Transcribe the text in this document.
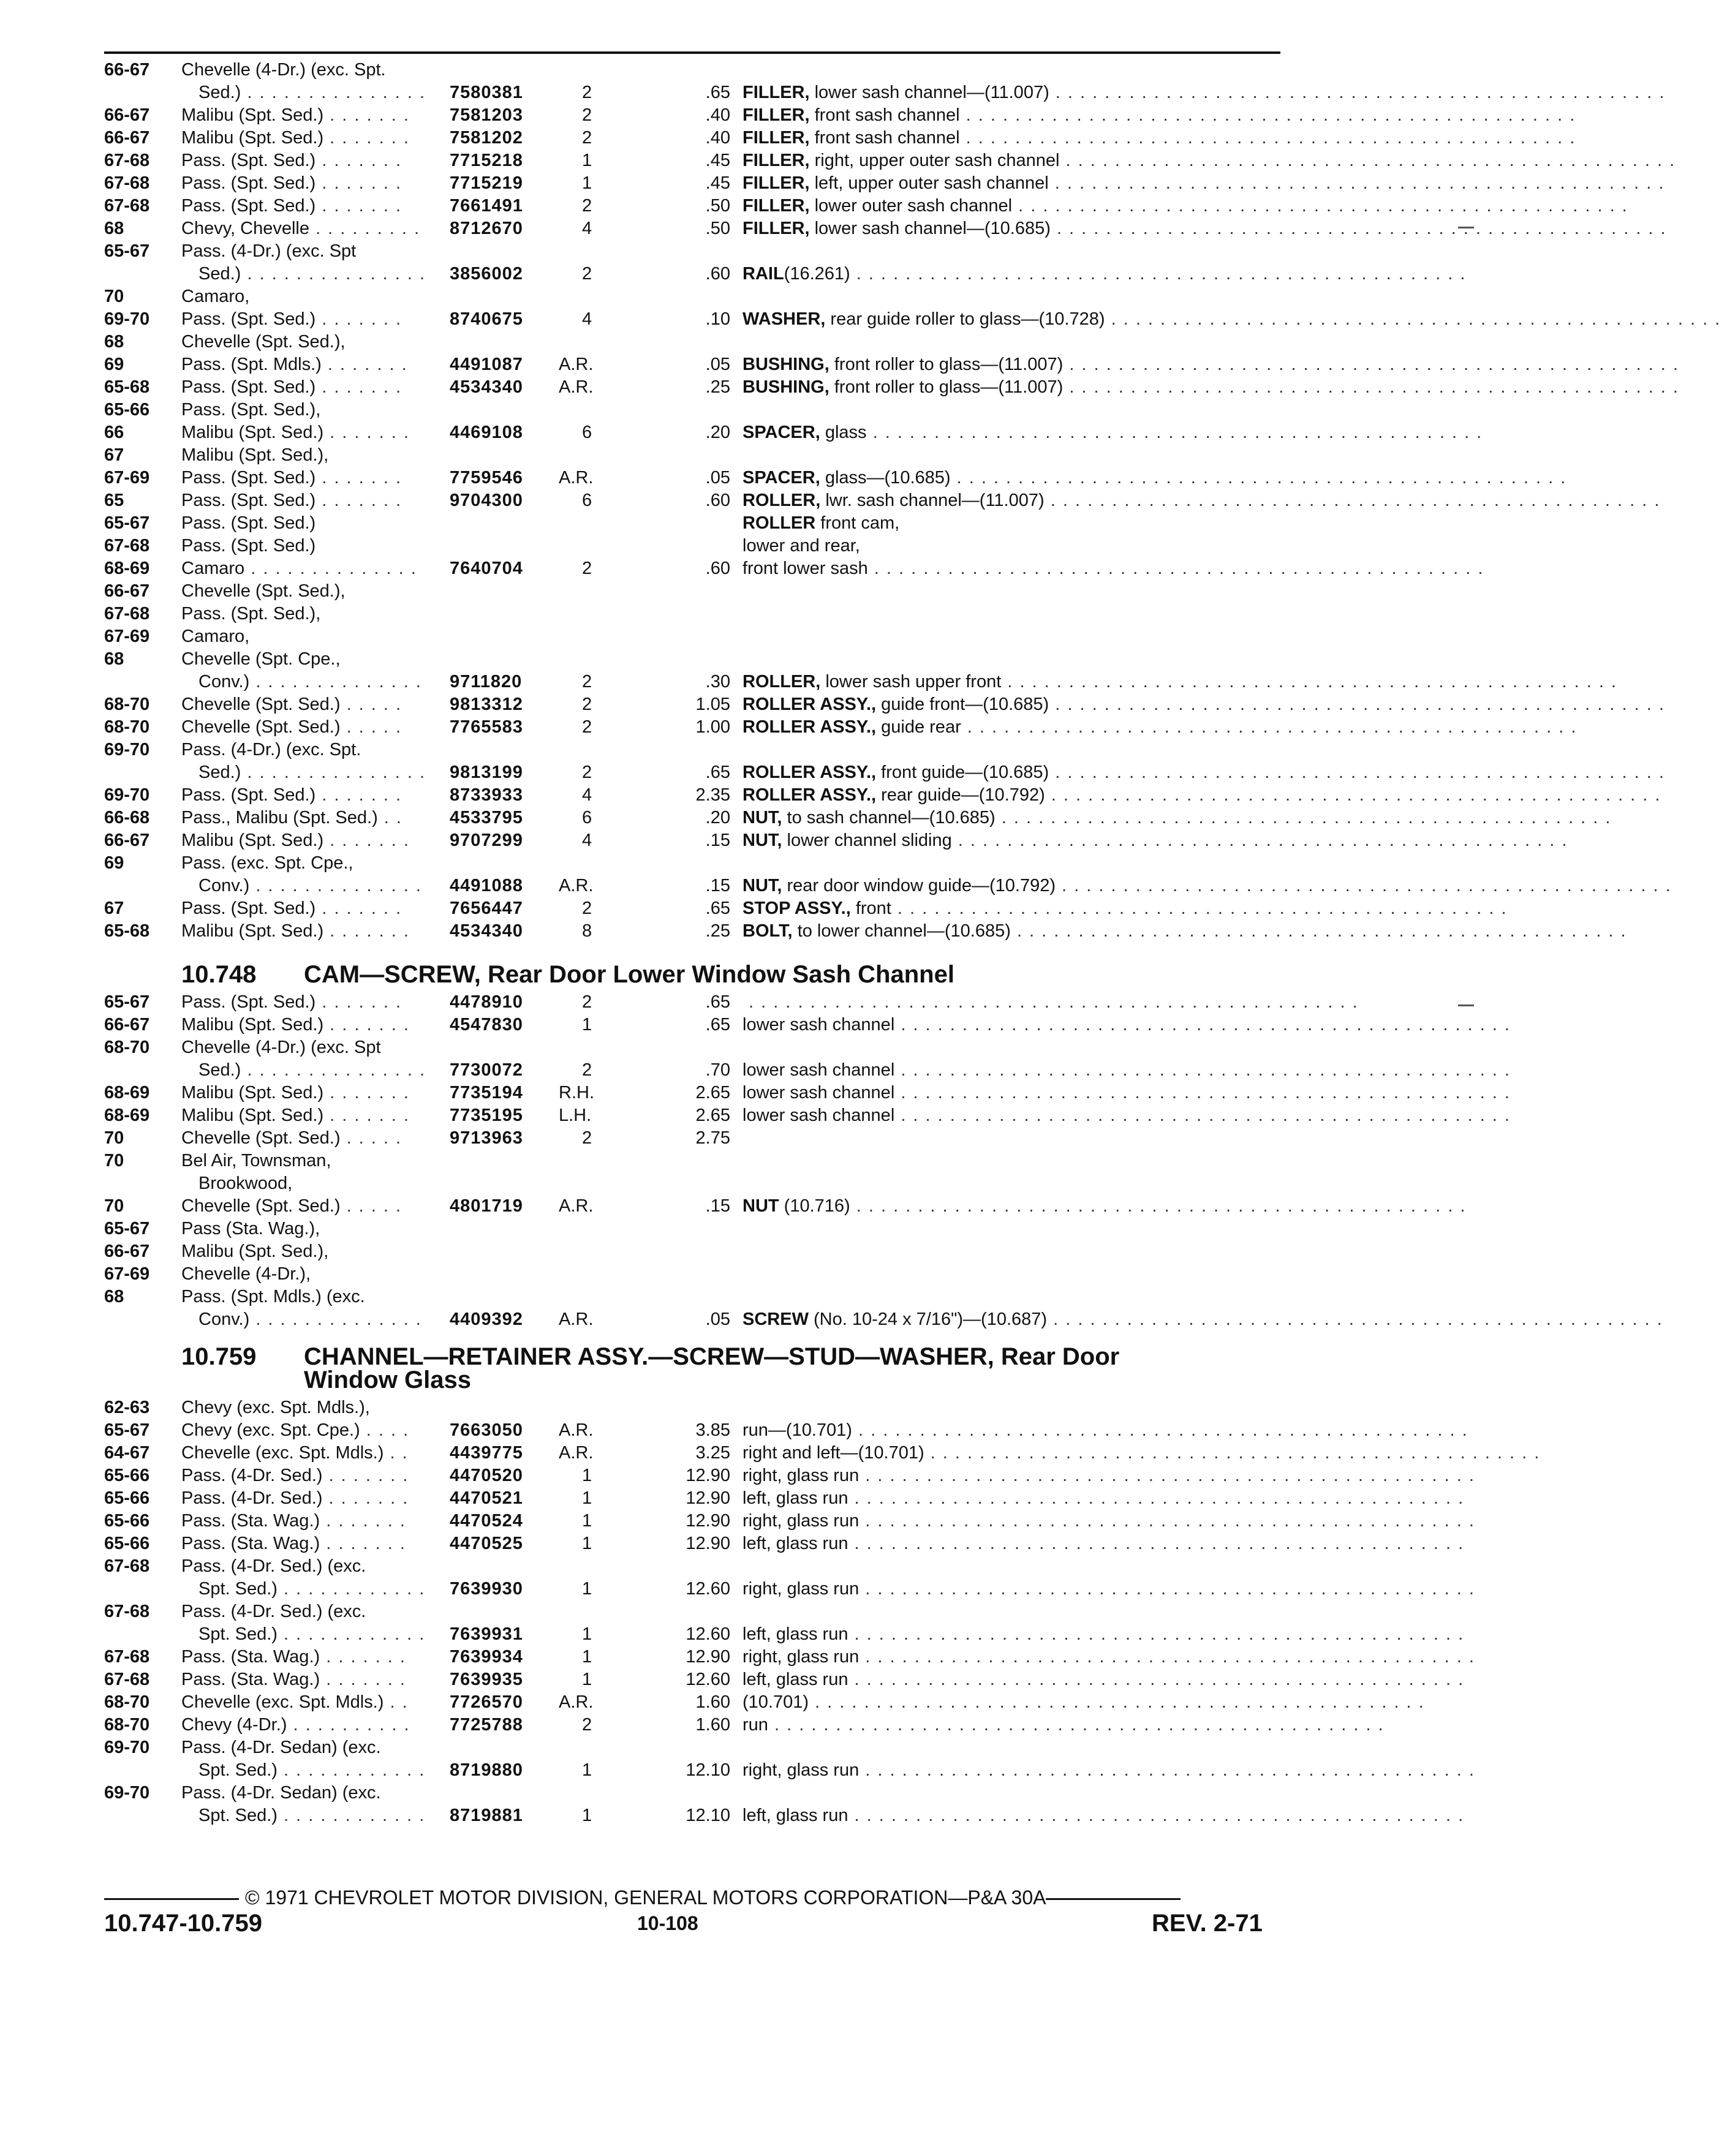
66-67 Chevelle (4-Dr.) (exc. Spt.
Sed.) . . . . . . . . . . . . . . . 7580381	2	.65 FILLER, lower sash channel—(11.007) . . . . . . . . . . . . . . . . . . . . . . . . . . . . . . . . . . . . . . . . . . . . . . . . . .
66-67 Malibu (Spt. Sed.) . . . . . . . 7581203	2	.40 FILLER, front sash channel . . . . . . . . . . . . . . . . . . . . . . . . . . . . . . . . . . . . . . . . . . . . . . . . . .
66-67 Malibu (Spt. Sed.) . . . . . . . 7581202	2	.40 FILLER, front sash channel . . . . . . . . . . . . . . . . . . . . . . . . . . . . . . . . . . . . . . . . . . . . . . . . . .
67-68 Pass. (Spt. Sed.) . . . . . . . 7715218	1	.45 FILLER, right, upper outer sash channel . . . . . . . . . . . . . . . . . . . . . . . . . . . . . . . . . . . . . . . . . . . . . . . . . .
67-68 Pass. (Spt. Sed.) . . . . . . . 7715219	1	.45 FILLER, left, upper outer sash channel . . . . . . . . . . . . . . . . . . . . . . . . . . . . . . . . . . . . . . . . . . . . . . . . . .
67-68 Pass. (Spt. Sed.) . . . . . . . 7661491	2	.50 FILLER, lower outer sash channel . . . . . . . . . . . . . . . . . . . . . . . . . . . . . . . . . . . . . . . . . . . . . . . . . .
68	Chevy, Chevelle . . . . . . . . . 8712670	4	.50 FILLER, lower sash channel—(10.685) . . . . . . . . . . . . . . . . . . . . . . . . . . . . . . . . . . . . . . . . . . . . . . . . . .
65-67 Pass. (4-Dr.) (exc. Spt
Sed.) . . . . . . . . . . . . . . . 3856002	2	.60 RAIL(16.261) . . . . . . . . . . . . . . . . . . . . . . . . . . . . . . . . . . . . . . . . . . . . . . . . . .
70	Camaro,
69-70 Pass. (Spt. Sed.) . . . . . . . 8740675	4	.10 WASHER, rear guide roller to glass—(10.728) . . . . . . . . . . . . . . . . . . . . . . . . . . . . . . . . . . . . . . . . . . . . . . . . . .
68	Chevelle (Spt. Sed.),
69	Pass. (Spt. Mdls.) . . . . . . . 4491087 A.R.	.05 BUSHING, front roller to glass—(11.007) . . . . . . . . . . . . . . . . . . . . . . . . . . . . . . . . . . . . . . . . . . . . . . . . . .
65-68 Pass. (Spt. Sed.) . . . . . . . 4534340 A.R.	.25 BUSHING, front roller to glass—(11.007) . . . . . . . . . . . . . . . . . . . . . . . . . . . . . . . . . . . . . . . . . . . . . . . . . .
65-66 Pass. (Spt. Sed.),
66	Malibu (Spt. Sed.) . . . . . . . 4469108	6	.20 SPACER, glass . . . . . . . . . . . . . . . . . . . . . . . . . . . . . . . . . . . . . . . . . . . . . . . . . .
67	Malibu (Spt. Sed.),
67-69 Pass. (Spt. Sed.) . . . . . . . 7759546 A.R.	.05 SPACER, glass—(10.685) . . . . . . . . . . . . . . . . . . . . . . . . . . . . . . . . . . . . . . . . . . . . . . . . . .
65	Pass. (Spt. Sed.) . . . . . . . 9704300	6	.60 ROLLER, lwr. sash channel—(11.007) . . . . . . . . . . . . . . . . . . . . . . . . . . . . . . . . . . . . . . . . . . . . . . . . . .
65-67 Pass. (Spt. Sed.)	ROLLER front cam,
67-68 Pass. (Spt. Sed.)	lower and rear,
68-69 Camaro . . . . . . . . . . . . . . 7640704	2	.60 front lower sash . . . . . . . . . . . . . . . . . . . . . . . . . . . . . . . . . . . . . . . . . . . . . . . . . .
66-67 Chevelle (Spt. Sed.),
67-68 Pass. (Spt. Sed.),
67-69 Camaro,
68	Chevelle (Spt. Cpe.,
Conv.) . . . . . . . . . . . . . . 9711820	2	.30 ROLLER, lower sash upper front . . . . . . . . . . . . . . . . . . . . . . . . . . . . . . . . . . . . . . . . . . . . . . . . . .
68-70 Chevelle (Spt. Sed.) . . . . . 9813312	2	1.05 ROLLER ASSY., guide front—(10.685) . . . . . . . . . . . . . . . . . . . . . . . . . . . . . . . . . . . . . . . . . . . . . . . . . .
68-70 Chevelle (Spt. Sed.) . . . . . 7765583	2	1.00 ROLLER ASSY., guide rear . . . . . . . . . . . . . . . . . . . . . . . . . . . . . . . . . . . . . . . . . . . . . . . . . .
69-70 Pass. (4-Dr.) (exc. Spt.
Sed.) . . . . . . . . . . . . . . . 9813199	2	.65 ROLLER ASSY., front guide—(10.685) . . . . . . . . . . . . . . . . . . . . . . . . . . . . . . . . . . . . . . . . . . . . . . . . . .
69-70 Pass. (Spt. Sed.) . . . . . . . 8733933	4	2.35 ROLLER ASSY., rear guide—(10.792) . . . . . . . . . . . . . . . . . . . . . . . . . . . . . . . . . . . . . . . . . . . . . . . . . .
66-68 Pass., Malibu (Spt. Sed.) . . 4533795	6	.20 NUT, to sash channel—(10.685) . . . . . . . . . . . . . . . . . . . . . . . . . . . . . . . . . . . . . . . . . . . . . . . . . .
66-67 Malibu (Spt. Sed.) . . . . . . . 9707299	4	.15 NUT, lower channel sliding . . . . . . . . . . . . . . . . . . . . . . . . . . . . . . . . . . . . . . . . . . . . . . . . . .
69	Pass. (exc. Spt. Cpe.,
Conv.) . . . . . . . . . . . . . . 4491088 A.R.	.15 NUT, rear door window guide—(10.792) . . . . . . . . . . . . . . . . . . . . . . . . . . . . . . . . . . . . . . . . . . . . . . . . . .
67	Pass. (Spt. Sed.) . . . . . . . 7656447	2	.65 STOP ASSY., front . . . . . . . . . . . . . . . . . . . . . . . . . . . . . . . . . . . . . . . . . . . . . . . . . .
65-68 Malibu (Spt. Sed.) . . . . . . . 4534340	8	.25 BOLT, to lower channel—(10.685) . . . . . . . . . . . . . . . . . . . . . . . . . . . . . . . . . . . . . . . . . . . . . . . . . .
10.748 CAM—SCREW, Rear Door Lower Window Sash Channel
65-67 Pass. (Spt. Sed.) . . . . . . . 4478910	2	.65 . . . . . . . . . . . . . . . . . . . . . . . . . . . . . . . . . . . . . . . . . . . . . . . . . .
66-67 Malibu (Spt. Sed.) . . . . . . . 4547830	1	.65 lower sash channel . . . . . . . . . . . . . . . . . . . . . . . . . . . . . . . . . . . . . . . . . . . . . . . . . .
68-70 Chevelle (4-Dr.) (exc. Spt
Sed.) . . . . . . . . . . . . . . . 7730072	2	.70 lower sash channel . . . . . . . . . . . . . . . . . . . . . . . . . . . . . . . . . . . . . . . . . . . . . . . . . .
68-69 Malibu (Spt. Sed.) . . . . . . . 7735194 R.H.	2.65 lower sash channel . . . . . . . . . . . . . . . . . . . . . . . . . . . . . . . . . . . . . . . . . . . . . . . . . .
68-69 Malibu (Spt. Sed.) . . . . . . . 7735195 L.H.	2.65 lower sash channel . . . . . . . . . . . . . . . . . . . . . . . . . . . . . . . . . . . . . . . . . . . . . . . . . .
70	Chevelle (Spt. Sed.) . . . . . 9713963	2	2.75
70	Bel Air, Townsman,
Brookwood,
70	Chevelle (Spt. Sed.) . . . . . 4801719 A.R.	.15 NUT (10.716) . . . . . . . . . . . . . . . . . . . . . . . . . . . . . . . . . . . . . . . . . . . . . . . . . .
65-67 Pass (Sta. Wag.),
66-67 Malibu (Spt. Sed.),
67-69 Chevelle (4-Dr.),
68	Pass. (Spt. Mdls.) (exc.
Conv.) . . . . . . . . . . . . . . 4409392 A.R.	.05 SCREW (No. 10-24 x 7/16")—(10.687) . . . . . . . . . . . . . . . . . . . . . . . . . . . . . . . . . . . . . . . . . . . . . . . . . .
10.759 CHANNEL—RETAINER ASSY.—SCREW—STUD—WASHER, Rear Door
Window Glass
62-63 Chevy (exc. Spt. Mdls.),
65-67 Chevy (exc. Spt. Cpe.) . . . . 7663050 A.R.	3.85 run—(10.701) . . . . . . . . . . . . . . . . . . . . . . . . . . . . . . . . . . . . . . . . . . . . . . . . . .
64-67 Chevelle (exc. Spt. Mdls.) . . 4439775 A.R.	3.25 right and left—(10.701) . . . . . . . . . . . . . . . . . . . . . . . . . . . . . . . . . . . . . . . . . . . . . . . . . .
65-66 Pass. (4-Dr. Sed.) . . . . . . . 4470520	1	12.90 right, glass run . . . . . . . . . . . . . . . . . . . . . . . . . . . . . . . . . . . . . . . . . . . . . . . . . .
65-66 Pass. (4-Dr. Sed.) . . . . . . . 4470521	1	12.90 left, glass run . . . . . . . . . . . . . . . . . . . . . . . . . . . . . . . . . . . . . . . . . . . . . . . . . .
65-66 Pass. (Sta. Wag.) . . . . . . . 4470524	1	12.90 right, glass run . . . . . . . . . . . . . . . . . . . . . . . . . . . . . . . . . . . . . . . . . . . . . . . . . .
65-66 Pass. (Sta. Wag.) . . . . . . . 4470525	1	12.90 left, glass run . . . . . . . . . . . . . . . . . . . . . . . . . . . . . . . . . . . . . . . . . . . . . . . . . .
67-68 Pass. (4-Dr. Sed.) (exc.
Spt. Sed.) . . . . . . . . . . . . 7639930	1	12.60 right, glass run . . . . . . . . . . . . . . . . . . . . . . . . . . . . . . . . . . . . . . . . . . . . . . . . . .
67-68 Pass. (4-Dr. Sed.) (exc.
Spt. Sed.) . . . . . . . . . . . . 7639931	1	12.60 left, glass run . . . . . . . . . . . . . . . . . . . . . . . . . . . . . . . . . . . . . . . . . . . . . . . . . .
67-68 Pass. (Sta. Wag.) . . . . . . . 7639934	1	12.90 right, glass run . . . . . . . . . . . . . . . . . . . . . . . . . . . . . . . . . . . . . . . . . . . . . . . . . .
67-68 Pass. (Sta. Wag.) . . . . . . . 7639935	1	12.60 left, glass run . . . . . . . . . . . . . . . . . . . . . . . . . . . . . . . . . . . . . . . . . . . . . . . . . .
68-70 Chevelle (exc. Spt. Mdls.) . . 7726570 A.R.	1.60 (10.701) . . . . . . . . . . . . . . . . . . . . . . . . . . . . . . . . . . . . . . . . . . . . . . . . . .
68-70 Chevy (4-Dr.) . . . . . . . . . . 7725788	2	1.60 run . . . . . . . . . . . . . . . . . . . . . . . . . . . . . . . . . . . . . . . . . . . . . . . . . .
69-70 Pass. (4-Dr. Sedan) (exc.
Spt. Sed.) . . . . . . . . . . . . 8719880	1	12.10 right, glass run . . . . . . . . . . . . . . . . . . . . . . . . . . . . . . . . . . . . . . . . . . . . . . . . . .
69-70 Pass. (4-Dr. Sedan) (exc.
Spt. Sed.) . . . . . . . . . . . . 8719881	1	12.10 left, glass run . . . . . . . . . . . . . . . . . . . . . . . . . . . . . . . . . . . . . . . . . . . . . . . . . .
© 1971 CHEVROLET MOTOR DIVISION, GENERAL MOTORS CORPORATION—P&A 30A
10.747-10.759	10-108	REV. 2-71
